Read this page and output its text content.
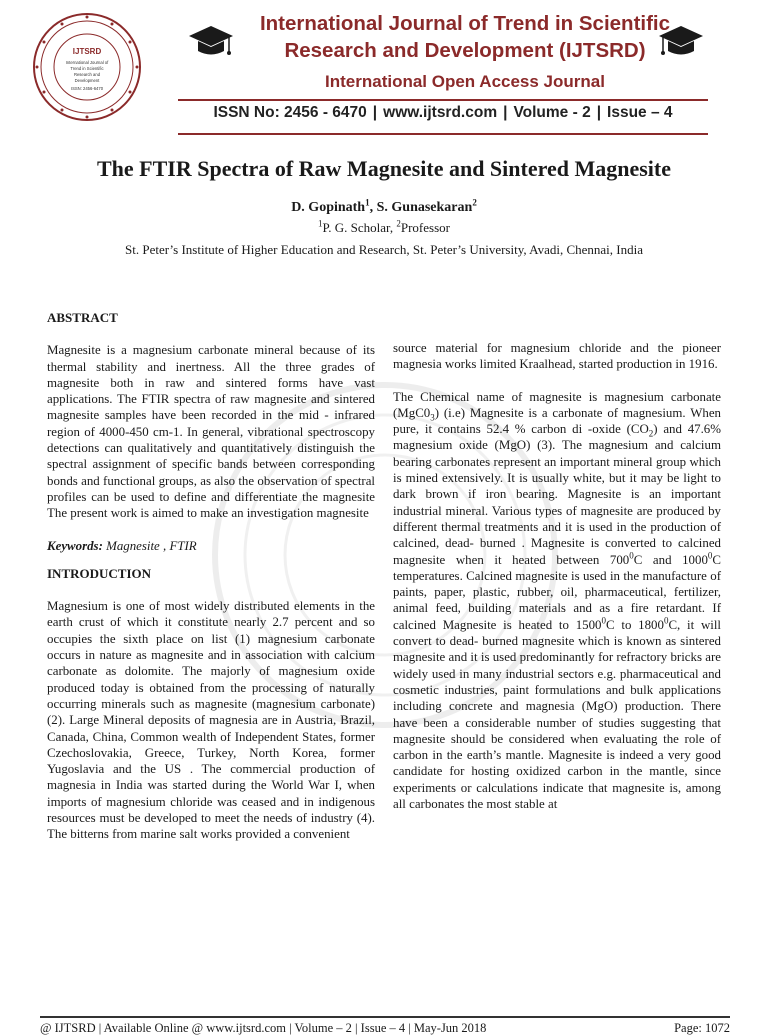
IJTSRD
International Journal of
Trend in Scientific
Research and
Development
ISSN: 2456-6470
International Journal of Trend in Scientific
Research and Development (IJTSRD)
International Open Access Journal
ISSN No: 2456 - 6470 | www.ijtsrd.com | Volume - 2 | Issue – 4
The FTIR Spectra of Raw Magnesite and Sintered Magnesite
D. Gopinath$^1$, S. Gunasekaran$^2$
$^1$P. G. Scholar, $^2$Professor
St. Peter’s Institute of Higher Education and Research, St. Peter’s University, Avadi, Chennai, India
ABSTRACT

Magnesite is a magnesium carbonate mineral because of its thermal stability and inertness. All the three grades of magnesite both in raw and sintered forms have vast applications. The FTIR spectra of raw magnesite and sintered magnesite samples have been recorded in the mid - infrared region of 4000-450 cm-1. In general, vibrational spectroscopy detections can qualitatively and quantitatively distinguish the spectral assignment of specific bands between corresponding bonds and functional groups, as also the observation of spectral profiles can be used to define and differentiate the magnesite The present work is aimed to make an investigation magnesite

Keywords: Magnesite , FTIR
INTRODUCTION

Magnesium is one of most widely distributed elements in the earth crust of which it constitute nearly 2.7 percent and so occupies the sixth place on list (1) magnesium carbonate occurs in nature as magnesite and in association with calcium carbonate as dolomite. The majorly of magnesium oxide produced today is obtained from the processing of naturally occurring minerals such as magnesite (magnesium carbonate) (2). Large Mineral deposits of magnesia are in Austria, Brazil, Canada, China, Common wealth of Independent States, former Czechoslovakia, Greece, Turkey, North Korea, former Yugoslavia and the US . The commercial production of magnesia in India was started during the World War I, when imports of magnesium chloride was ceased and in indigenous resources must be developed to meet the needs of industry (4). The bitterns from marine salt works provided a convenient

source material for magnesium chloride and the pioneer magnesia works limited Kraalhead, started production in 1916.

The Chemical name of magnesite is magnesium carbonate $(MgC0_3)$ (i.e) Magnesite is a carbonate of magnesium. When pure, it contains 52.4 % carbon di -oxide $(CO_2)$ and 47.6% magnesium oxide (MgO) (3). The magnesium and calcium bearing carbonates represent an important mineral group which is mined extensively. It is usually white, but it may be light to dark brown if iron bearing. Magnesite is an important industrial mineral. Various types of magnesite are produced by different thermal treatments and it is used in the production of calcined, dead- burned . Magnesite is converted to calcined magnesite when it heated between $700^0C$ and 1000$^0$C temperatures. Calcined magnesite is used in the manufacture of paints, paper, plastic, rubber, oil, pharmaceutical, fertilizer, animal feed, building materials and as a fire retardant. If calcined Magnesite is heated to 1500$^0$C to 1800$^0$C, it will convert to dead- burned magnesite which is known as sintered magnesite and it is used predominantly for refractory bricks are widely used in many industrial sectors e.g. pharmaceutical and cosmetic industries, paint formulations and bulk applications including concrete and magnesia (MgO) production. There have been a considerable number of studies suggesting that magnesite should be considered when evaluating the role of carbon in the earth’s mantle. Magnesite is indeed a very good candidate for hosting oxidized carbon in the mantle, since experiments or calculations indicate that magnesite is, among all carbonates the most stable at

@ IJTSRD | Available Online @ www.ijtsrd.com | Volume – 2 | Issue – 4 | May-Jun 2018	Page: 1072
